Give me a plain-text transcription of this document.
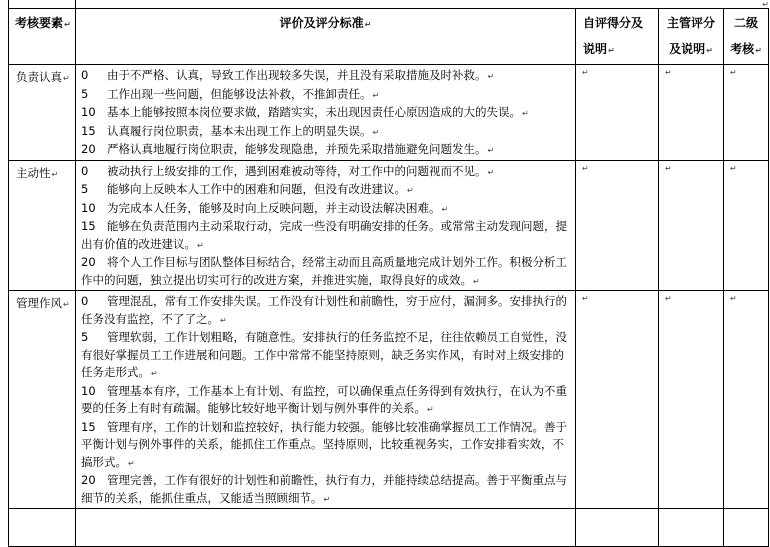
↵
考核要素↵	评价及评分标准↵	自评得分及
说明↵	主管评分
及说明↵	二级
考核↵

负责认真↵	0 由于不严格、认真，导致工作出现较多失误，并且没有采取措施及时补救。↵
5 工作出现一些问题，但能够设法补救，不推卸责任。↵
10 基本上能够按照本岗位要求做，踏踏实实，未出现因责任心原因造成的大的失误。↵
15 认真履行岗位职责，基本未出现工作上的明显失误。↵
20 严格认真地履行岗位职责，能够发现隐患，并预先采取措施避免问题发生。↵	↵	↵	↵
主动性↵	0 被动执行上级安排的工作，遇到困难被动等待，对工作中的问题视而不见。↵
5 能够向上反映本人工作中的困难和问题，但没有改进建议。↵
10 为完成本人任务，能够及时向上反映问题，并主动设法解决困难。↵
15 能够在负责范围内主动采取行动，完成一些没有明确安排的任务。或常常主动发现问题，提出有价值的改进建议。↵
20 将个人工作目标与团队整体目标结合，经常主动而且高质量地完成计划外工作。积极分析工作中的问题，独立提出切实可行的改进方案，并推进实施，取得良好的成效。↵	↵	↵	↵
管理作风↵	0 管理混乱，常有工作安排失误。工作没有计划性和前瞻性，穷于应付，漏洞多。安排执行的任务没有监控，不了了之。↵
5 管理软弱，工作计划粗略，有随意性。安排执行的任务监控不足，往往依赖员工自觉性，没有很好掌握员工工作进展和问题。工作中常常不能坚持原则，缺乏务实作风，有时对上级安排的任务走形式。↵
10 管理基本有序，工作基本上有计划、有监控，可以确保重点任务得到有效执行，在认为不重要的任务上有时有疏漏。能够比较好地平衡计划与例外事件的关系。↵
15 管理有序，工作的计划和监控较好，执行能力较强。能够比较准确掌握员工工作情况。善于平衡计划与例外事件的关系，能抓住工作重点。坚持原则，比较重视务实，工作安排看实效，不搞形式。↵
20 管理完善，工作有很好的计划性和前瞻性，执行有力，并能持续总结提高。善于平衡重点与细节的关系，能抓住重点，又能适当照顾细节。↵	↵	↵	↵
